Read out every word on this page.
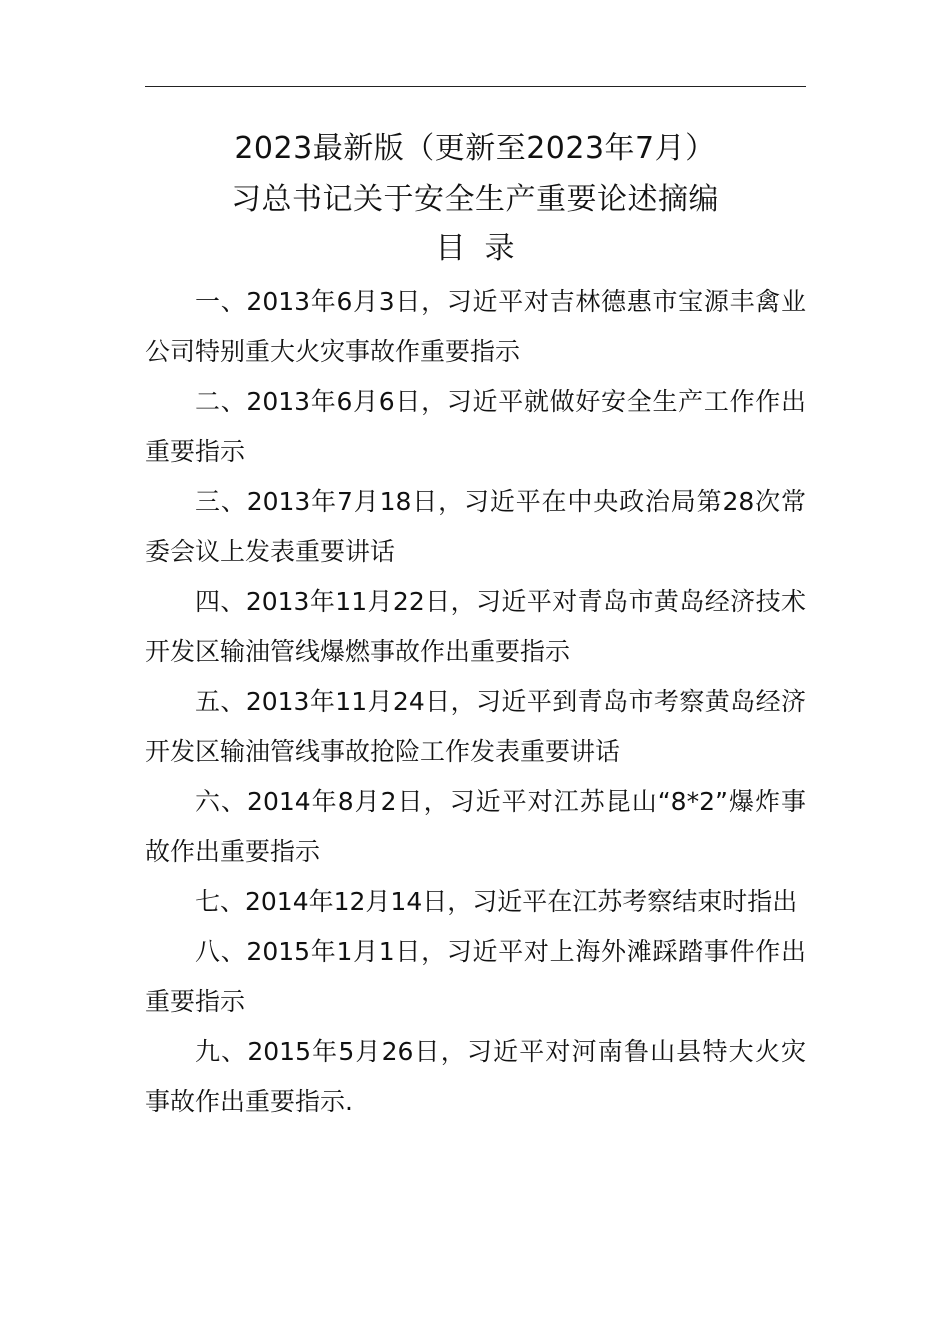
2023最新版（更新至2023年7月）
习总书记关于安全生产重要论述摘编
目  录

一、2013年6月3日，习近平对吉林德惠市宝源丰禽业公司特别重大火灾事故作重要指示

二、2013年6月6日，习近平就做好安全生产工作作出重要指示

三、2013年7月18日，习近平在中央政治局第28次常委会议上发表重要讲话

四、2013年11月22日，习近平对青岛市黄岛经济技术开发区输油管线爆燃事故作出重要指示

五、2013年11月24日，习近平到青岛市考察黄岛经济开发区输油管线事故抢险工作发表重要讲话

六、2014年8月2日，习近平对江苏昆山“8*2”爆炸事故作出重要指示

七、2014年12月14日，习近平在江苏考察结束时指出

八、2015年1月1日，习近平对上海外滩踩踏事件作出重要指示

九、2015年5月26日，习近平对河南鲁山县特大火灾事故作出重要指示.
